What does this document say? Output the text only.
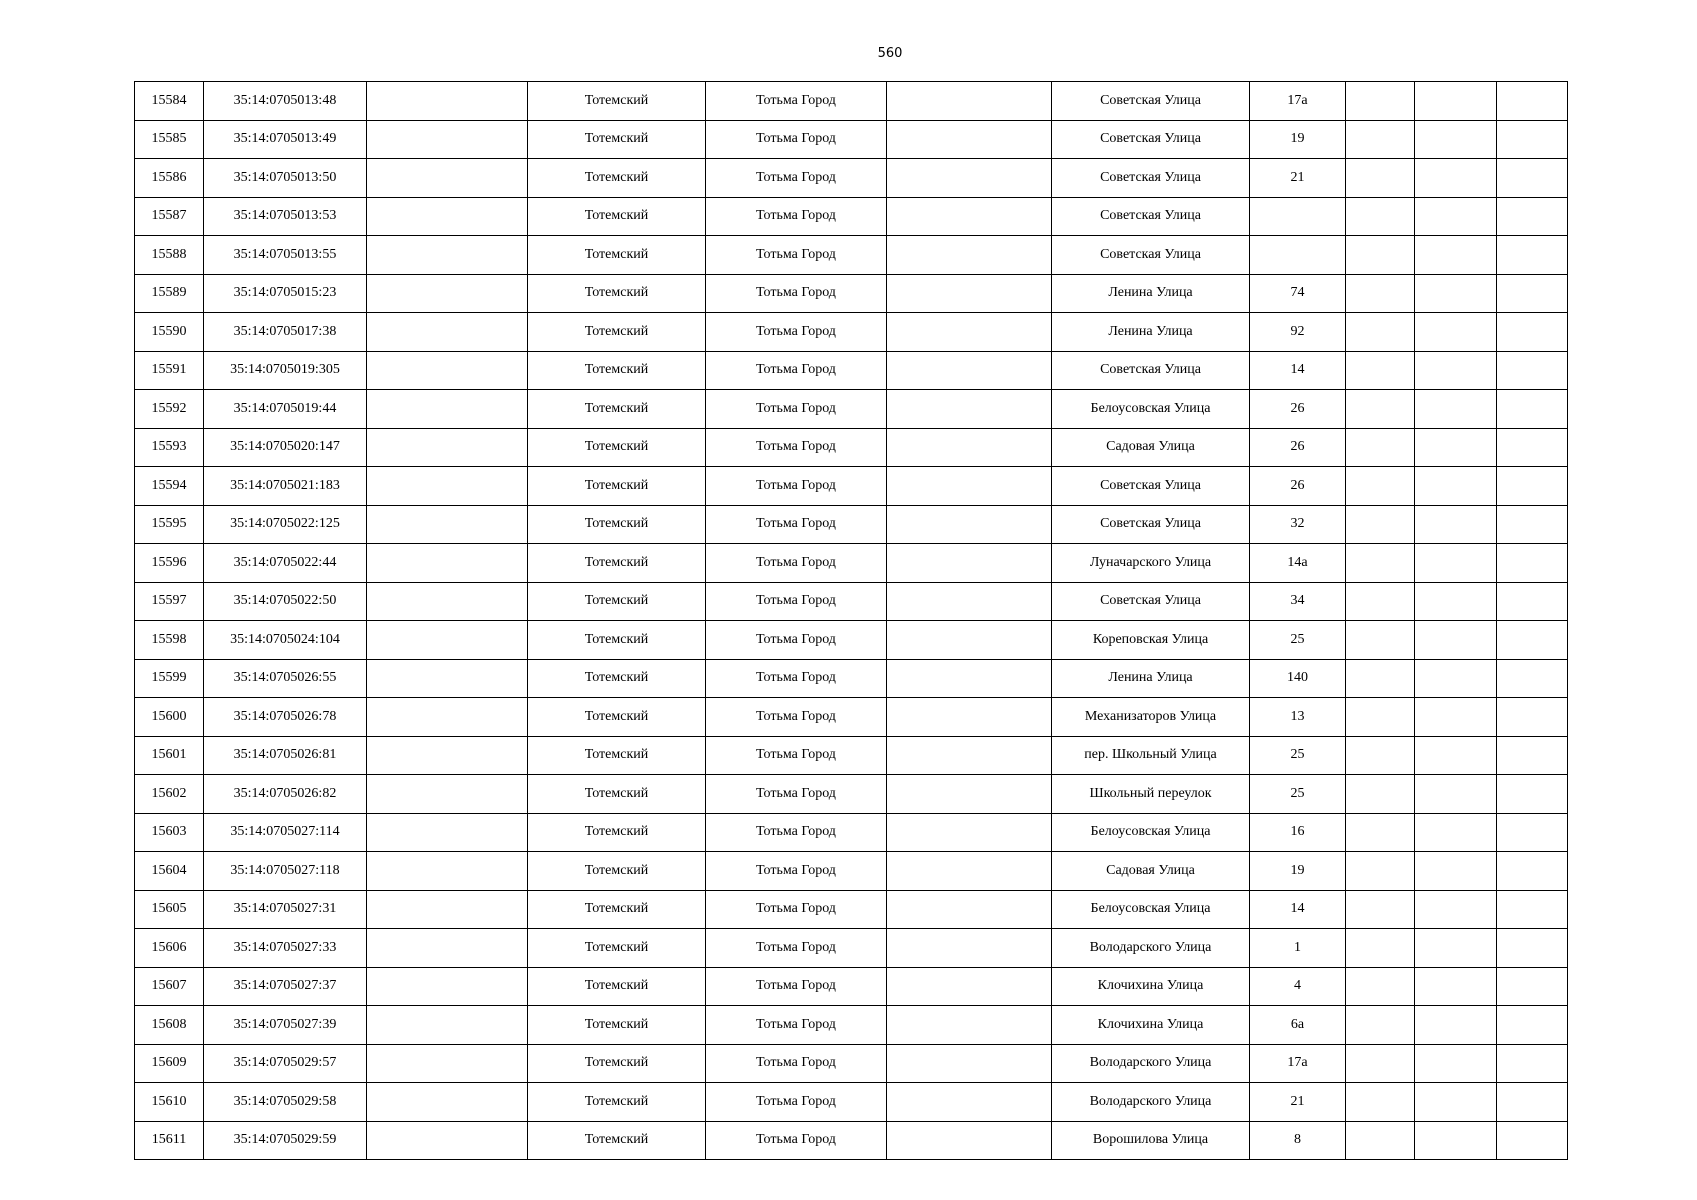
560
15584	35:14:0705013:48		Тотемский	Тотьма Город		Советская Улица	17а			
15585	35:14:0705013:49		Тотемский	Тотьма Город		Советская Улица	19			
15586	35:14:0705013:50		Тотемский	Тотьма Город		Советская Улица	21			
15587	35:14:0705013:53		Тотемский	Тотьма Город		Советская Улица				
15588	35:14:0705013:55		Тотемский	Тотьма Город		Советская Улица				
15589	35:14:0705015:23		Тотемский	Тотьма Город		Ленина Улица	74			
15590	35:14:0705017:38		Тотемский	Тотьма Город		Ленина Улица	92			
15591	35:14:0705019:305		Тотемский	Тотьма Город		Советская Улица	14			
15592	35:14:0705019:44		Тотемский	Тотьма Город		Белоусовская Улица	26			
15593	35:14:0705020:147		Тотемский	Тотьма Город		Садовая Улица	26			
15594	35:14:0705021:183		Тотемский	Тотьма Город		Советская Улица	26			
15595	35:14:0705022:125		Тотемский	Тотьма Город		Советская Улица	32			
15596	35:14:0705022:44		Тотемский	Тотьма Город		Луначарского Улица	14а			
15597	35:14:0705022:50		Тотемский	Тотьма Город		Советская Улица	34			
15598	35:14:0705024:104		Тотемский	Тотьма Город		Кореповская Улица	25			
15599	35:14:0705026:55		Тотемский	Тотьма Город		Ленина Улица	140			
15600	35:14:0705026:78		Тотемский	Тотьма Город		Механизаторов Улица	13			
15601	35:14:0705026:81		Тотемский	Тотьма Город		пер. Школьный Улица	25			
15602	35:14:0705026:82		Тотемский	Тотьма Город		Школьный переулок	25			
15603	35:14:0705027:114		Тотемский	Тотьма Город		Белоусовская Улица	16			
15604	35:14:0705027:118		Тотемский	Тотьма Город		Садовая Улица	19			
15605	35:14:0705027:31		Тотемский	Тотьма Город		Белоусовская Улица	14			
15606	35:14:0705027:33		Тотемский	Тотьма Город		Володарского Улица	1			
15607	35:14:0705027:37		Тотемский	Тотьма Город		Клочихина Улица	4			
15608	35:14:0705027:39		Тотемский	Тотьма Город		Клочихина Улица	6а			
15609	35:14:0705029:57		Тотемский	Тотьма Город		Володарского Улица	17а			
15610	35:14:0705029:58		Тотемский	Тотьма Город		Володарского Улица	21			
15611	35:14:0705029:59		Тотемский	Тотьма Город		Ворошилова Улица	8			
